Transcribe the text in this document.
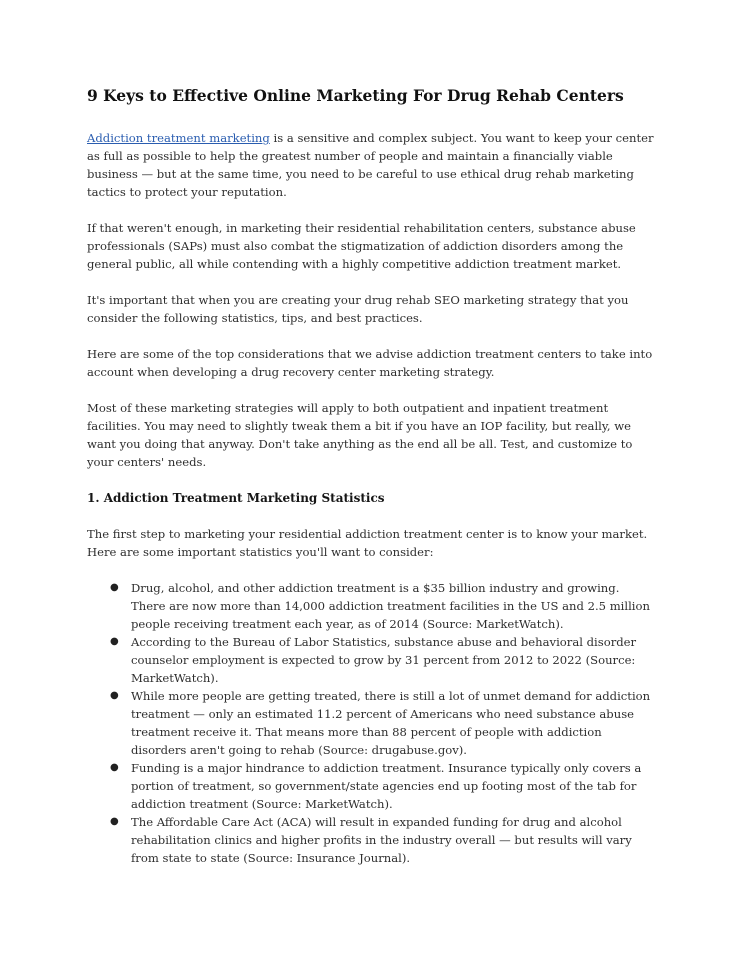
9 Keys to Effective Online Marketing For Drug Rehab Centers

Addiction treatment marketing is a sensitive and complex subject. You want to keep your center as full as possible to help the greatest number of people and maintain a financially viable business — but at the same time, you need to be careful to use ethical drug rehab marketing tactics to protect your reputation.

If that weren't enough, in marketing their residential rehabilitation centers, substance abuse professionals (SAPs) must also combat the stigmatization of addiction disorders among the general public, all while contending with a highly competitive addiction treatment market.

It's important that when you are creating your drug rehab SEO marketing strategy that you consider the following statistics, tips, and best practices.

Here are some of the top considerations that we advise addiction treatment centers to take into account when developing a drug recovery center marketing strategy.

Most of these marketing strategies will apply to both outpatient and inpatient treatment facilities. You may need to slightly tweak them a bit if you have an IOP facility, but really, we want you doing that anyway. Don't take anything as the end all be all. Test, and customize to your centers' needs.

1. Addiction Treatment Marketing Statistics

The first step to marketing your residential addiction treatment center is to know your market. Here are some important statistics you'll want to consider:

● Drug, alcohol, and other addiction treatment is a $35 billion industry and growing. There are now more than 14,000 addiction treatment facilities in the US and 2.5 million people receiving treatment each year, as of 2014 (Source: MarketWatch).
● According to the Bureau of Labor Statistics, substance abuse and behavioral disorder counselor employment is expected to grow by 31 percent from 2012 to 2022 (Source: MarketWatch).
● While more people are getting treated, there is still a lot of unmet demand for addiction treatment — only an estimated 11.2 percent of Americans who need substance abuse treatment receive it. That means more than 88 percent of people with addiction disorders aren't going to rehab (Source: drugabuse.gov).
● Funding is a major hindrance to addiction treatment. Insurance typically only covers a portion of treatment, so government/state agencies end up footing most of the tab for addiction treatment (Source: MarketWatch).
● The Affordable Care Act (ACA) will result in expanded funding for drug and alcohol rehabilitation clinics and higher profits in the industry overall — but results will vary from state to state (Source: Insurance Journal).
